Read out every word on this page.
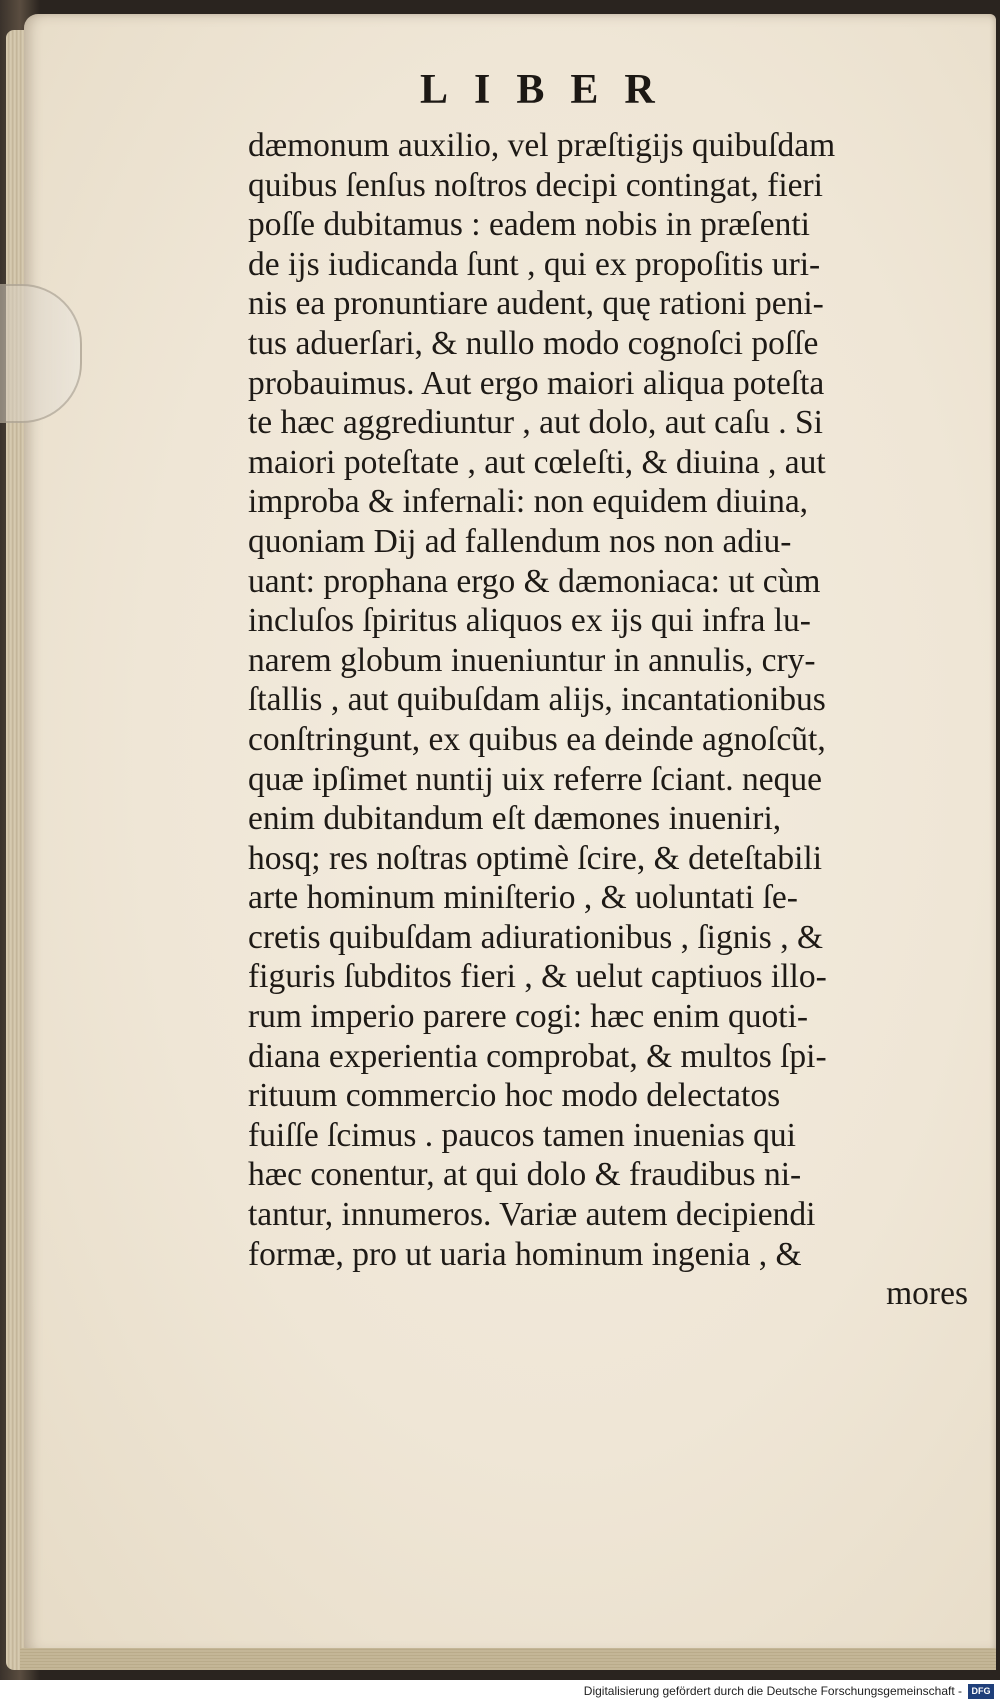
LIBER
dæmonum auxilio, vel præſtigijs quibuſdam
quibus ſenſus noſtros decipi contingat, fieri
poſſe dubitamus : eadem nobis in præſenti
de ijs iudicanda ſunt , qui ex propoſitis uri-
nis ea pronuntiare audent, quę rationi peni-
tus aduerſari, & nullo modo cognoſci poſſe
probauimus. Aut ergo maiori aliqua poteſta
te hæc aggrediuntur , aut dolo, aut caſu . Si
maiori poteſtate , aut cœleſti, & diuina , aut
improba & infernali: non equidem diuina,
quoniam Dij ad fallendum nos non adiu-
uant: prophana ergo & dæmoniaca: ut cùm
incluſos ſpiritus aliquos ex ijs qui infra lu-
narem globum inueniuntur in annulis, cry-
ſtallis , aut quibuſdam alijs, incantationibus
conſtringunt, ex quibus ea deinde agnoſcũt,
quæ ipſimet nuntij uix referre ſciant. neque
enim dubitandum eſt dæmones inueniri,
hosq; res noſtras optimè ſcire, & deteſtabili
arte hominum miniſterio , & uoluntati ſe-
cretis quibuſdam adiurationibus , ſignis , &
figuris ſubditos fieri , & uelut captiuos illo-
rum imperio parere cogi: hæc enim quoti-
diana experientia comprobat, & multos ſpi-
rituum commercio hoc modo delectatos
fuiſſe ſcimus . paucos tamen inuenias qui
hæc conentur, at qui dolo & fraudibus ni-
tantur, innumeros. Variæ autem decipiendi
formæ, pro ut uaria hominum ingenia , &
mores
Digitalisierung gefördert durch die Deutsche Forschungsgemeinschaft -	DFG
